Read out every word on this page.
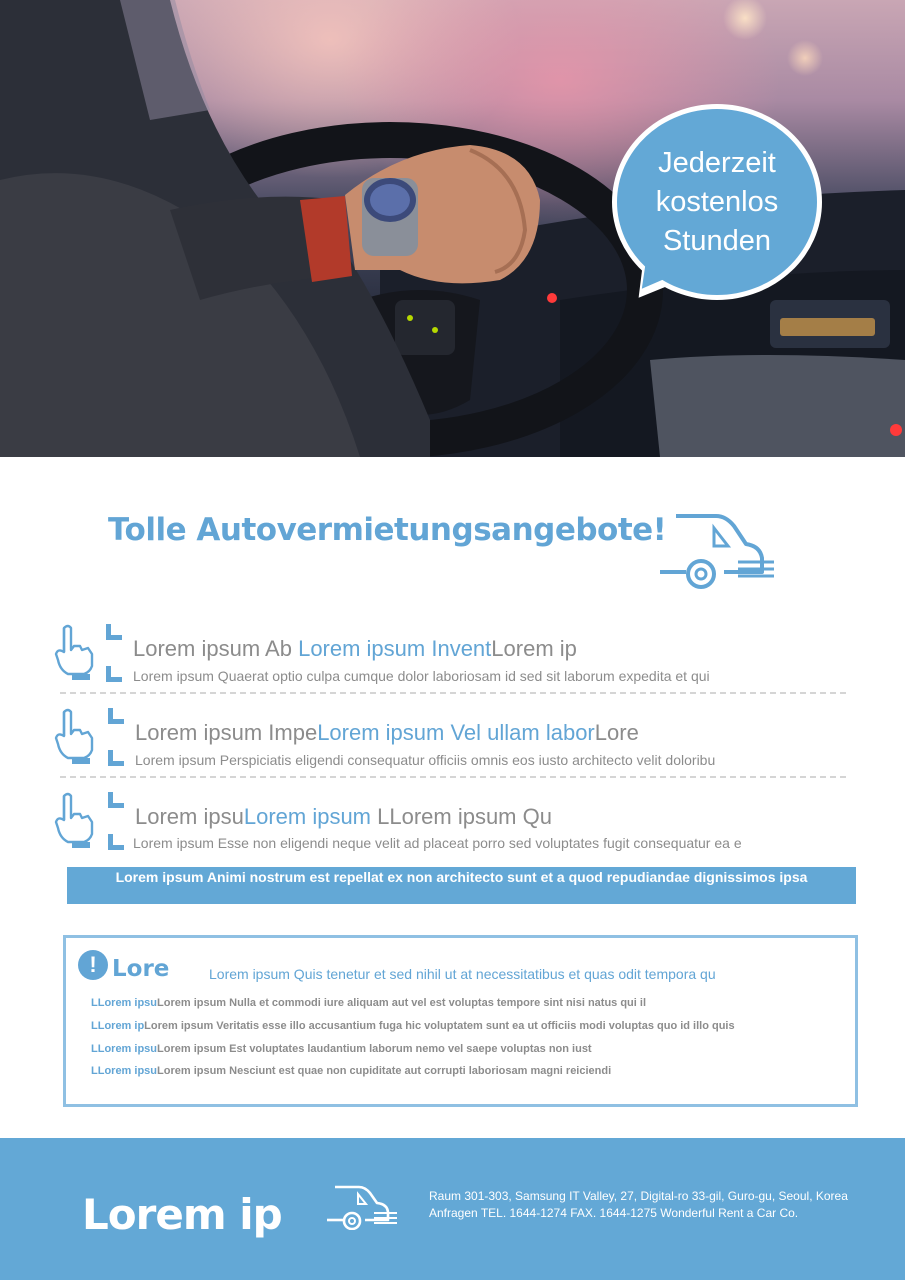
Jederzeit kostenlos Stunden
Tolle Autovermietungsangebote!
Lorem ipsum Ab Lorem ipsum InventLorem ip
Lorem ipsum Quaerat optio culpa cumque dolor laboriosam id sed sit laborum expedita et qui
Lorem ipsum ImpeLorem ipsum Vel ullam laborLore
Lorem ipsum Perspiciatis eligendi consequatur officiis omnis eos iusto architecto velit doloribu
Lorem ipsuLorem ipsum LLorem ipsum Qu
Lorem ipsum Esse non eligendi neque velit ad placeat porro sed voluptates fugit consequatur ea e
Lorem ipsum Animi nostrum est repellat ex non architecto sunt et a quod repudiandae dignissimos ipsa
! Lore	Lorem ipsum Quis tenetur et sed nihil ut at necessitatibus et quas odit tempora qu
LLorem ipsuLorem ipsum Nulla et commodi iure aliquam aut vel est voluptas tempore sint nisi natus qui il
LLorem ipLorem ipsum Veritatis esse illo accusantium fuga hic voluptatem sunt ea ut officiis modi voluptas quo id illo quis
LLorem ipsuLorem ipsum Est voluptates laudantium laborum nemo vel saepe voluptas non iust
LLorem ipsuLorem ipsum Nesciunt est quae non cupiditate aut corrupti laboriosam magni reiciendi
Lorem ip	Raum 301-303, Samsung IT Valley, 27, Digital-ro 33-gil, Guro-gu, Seoul, Korea
Anfragen TEL. 1644-1274 FAX. 1644-1275 Wonderful Rent a Car Co.
